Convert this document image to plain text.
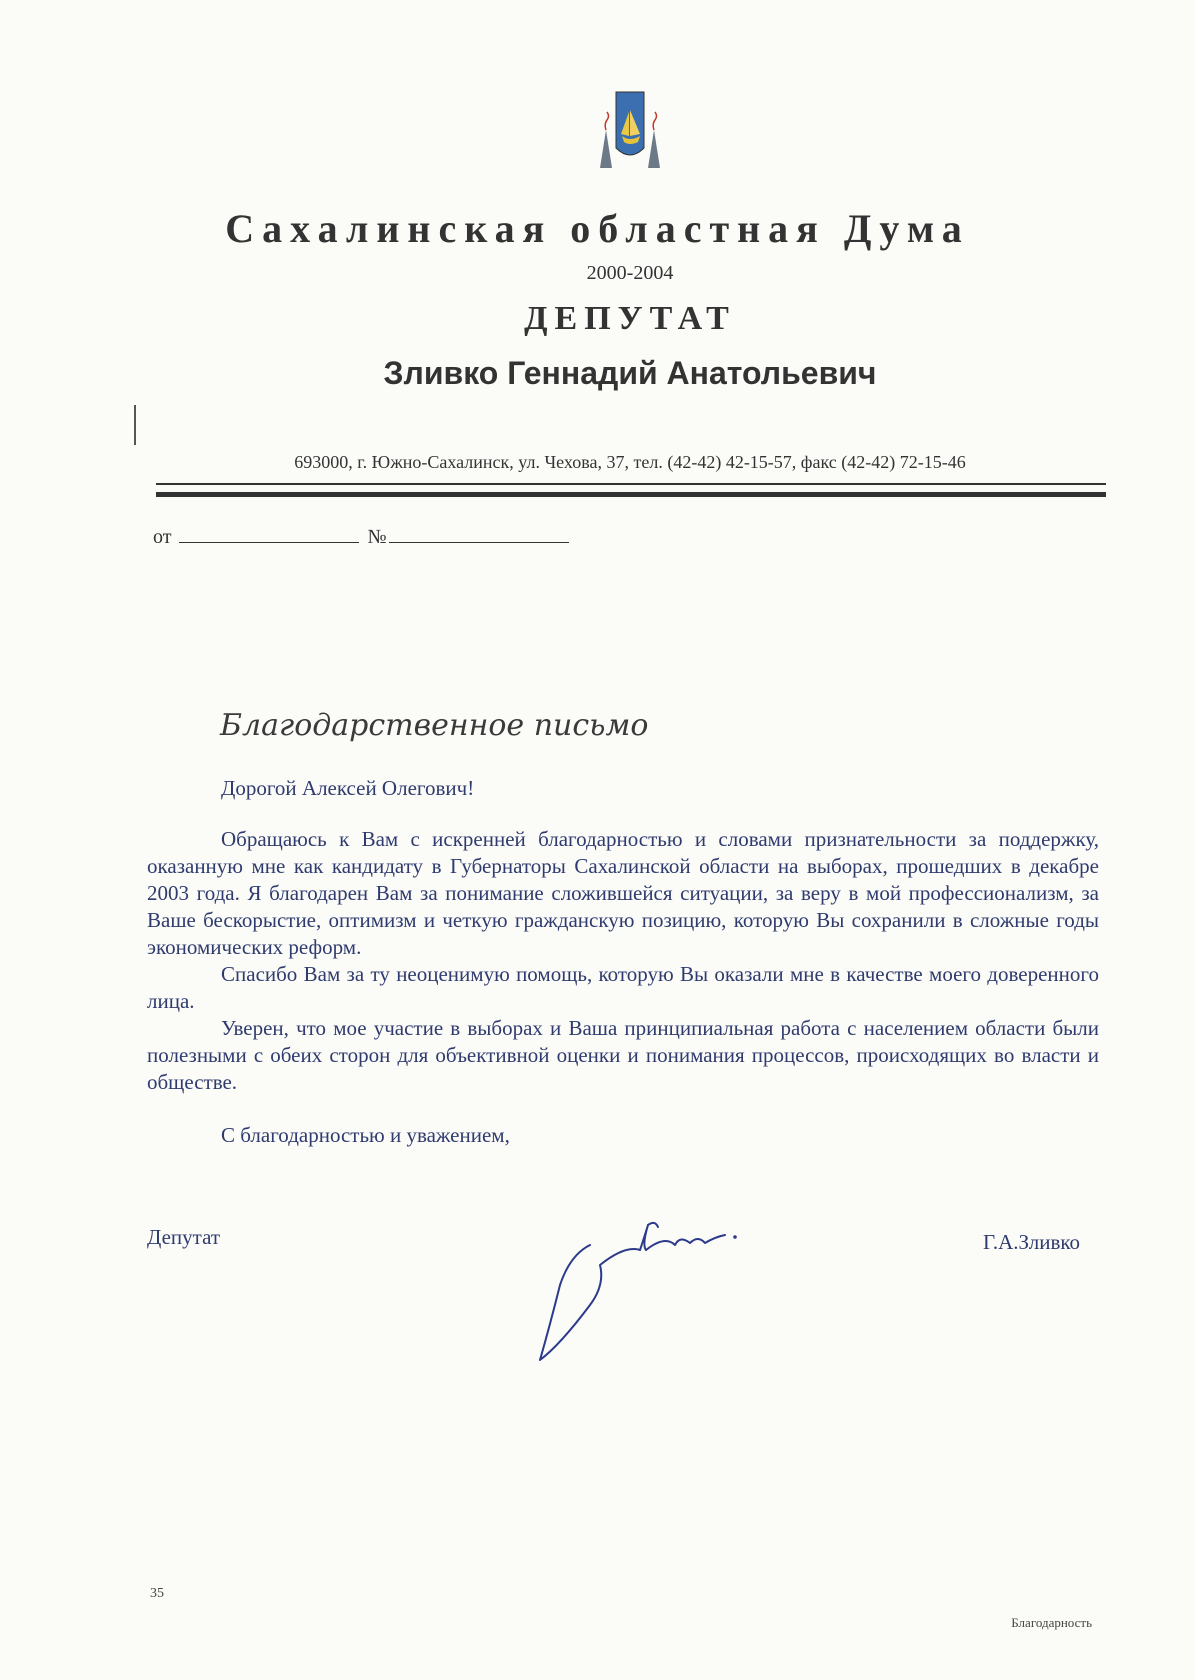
Сахалинская областная Дума
2000-2004
ДЕПУТАТ
Зливко Геннадий Анатольевич
693000, г. Южно-Сахалинск, ул. Чехова, 37, тел. (42-42) 42-15-57, факс (42-42) 72-15-46
от	№
Благодарственное письмо

Дорогой Алексей Олегович!

Обращаюсь к Вам с искренней благодарностью и словами признательности за поддержку, оказанную мне как кандидату в Губернаторы Сахалинской области на выборах, прошедших в декабре 2003 года. Я благодарен Вам за понимание сложившейся ситуации, за веру в мой профессионализм, за Ваше бескорыстие, оптимизм и четкую гражданскую позицию, которую Вы сохранили в сложные годы экономических реформ.

Спасибо Вам за ту неоценимую помощь, которую Вы оказали мне в качестве моего доверенного лица.

Уверен, что мое участие в выборах и Ваша принципиальная работа с населением области были полезными с обеих сторон для объективной оценки и понимания процессов, происходящих во власти и обществе.

С благодарностью и уважением,

Депутат	Г.А.Зливко
35
Благодарность
